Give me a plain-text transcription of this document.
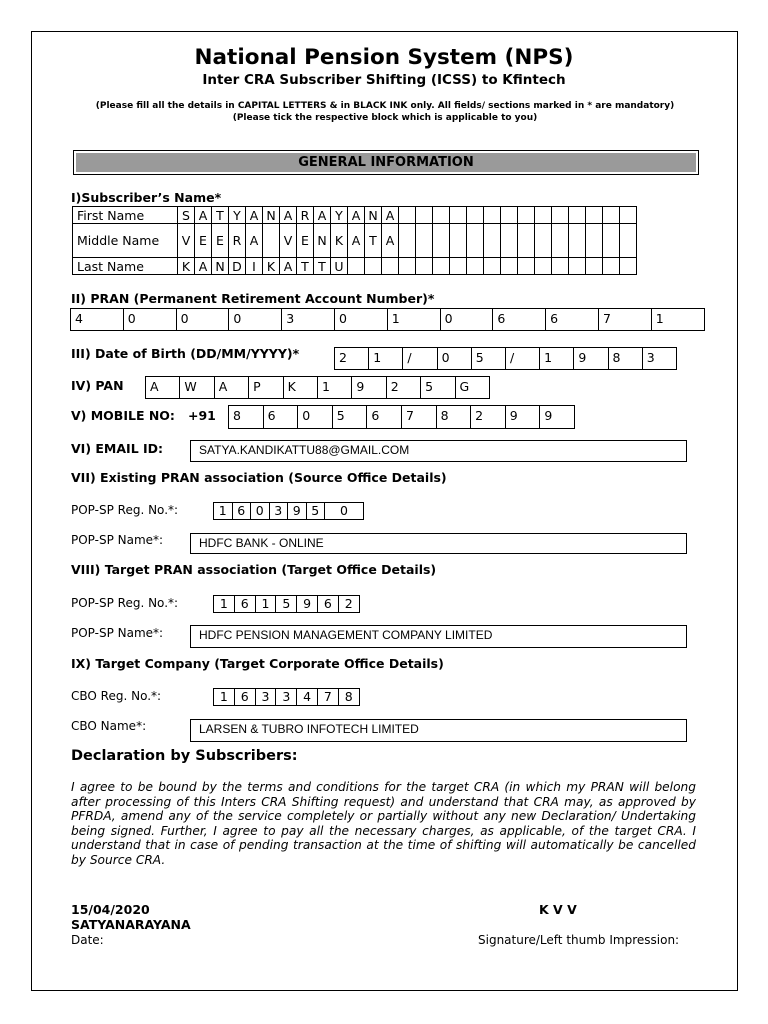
National Pension System (NPS)
Inter CRA Subscriber Shifting (ICSS) to Kfintech
(Please fill all the details in CAPITAL LETTERS & in BLACK INK only. All fields/ sections marked in * are mandatory)
(Please tick the respective block which is applicable to you)
GENERAL INFORMATION
I)Subscriber’s Name*
First Name	S	A	T	Y	A	N	A	R	A	Y	A	N	A														
Middle Name	V	E	E	R	A		V	E	N	K	A	T	A														
Last Name	K	A	N	D	I	K	A	T	T	U																	
II) PRAN (Permanent Retirement Account Number)*
4	0	0	0	3	0	1	0	6	6	7	1
III) Date of Birth (DD/MM/YYYY)*	2	1	/	0	5	/	1	9	8	3
IV) PAN	A	W	A	P	K	1	9	2	5	G
V) MOBILE NO: +91	8	6	0	5	6	7	8	2	9	9
VI) EMAIL ID:	SATYA.KANDIKATTU88@GMAIL.COM
VII) Existing PRAN association (Source Office Details)
POP-SP Reg. No.*:	1 6 0 3 9 5	0
POP-SP Name*:	HDFC BANK - ONLINE
VIII) Target PRAN association (Target Office Details)
POP-SP Reg. No.*:	1	6	1	5	9	6	2
POP-SP Name*:	HDFC PENSION MANAGEMENT COMPANY LIMITED
IX) Target Company (Target Corporate Office Details)
CBO Reg. No.*:	1	6	3	3	4	7	8
CBO Name*:	LARSEN & TUBRO INFOTECH LIMITED
Declaration by Subscribers:
I agree to be bound by the terms and conditions for the target CRA (in which my PRAN will belong after processing of this Inters CRA Shifting request) and understand that CRA may, as approved by PFRDA, amend any of the service completely or partially without any new Declaration/ Undertaking being signed. Further, I agree to pay all the necessary charges, as applicable, of the target CRA. I understand that in case of pending transaction at the time of shifting will automatically be cancelled by Source CRA.
15/04/2020
SATYANARAYANA
Date:
K V V
Signature/Left thumb Impression:
